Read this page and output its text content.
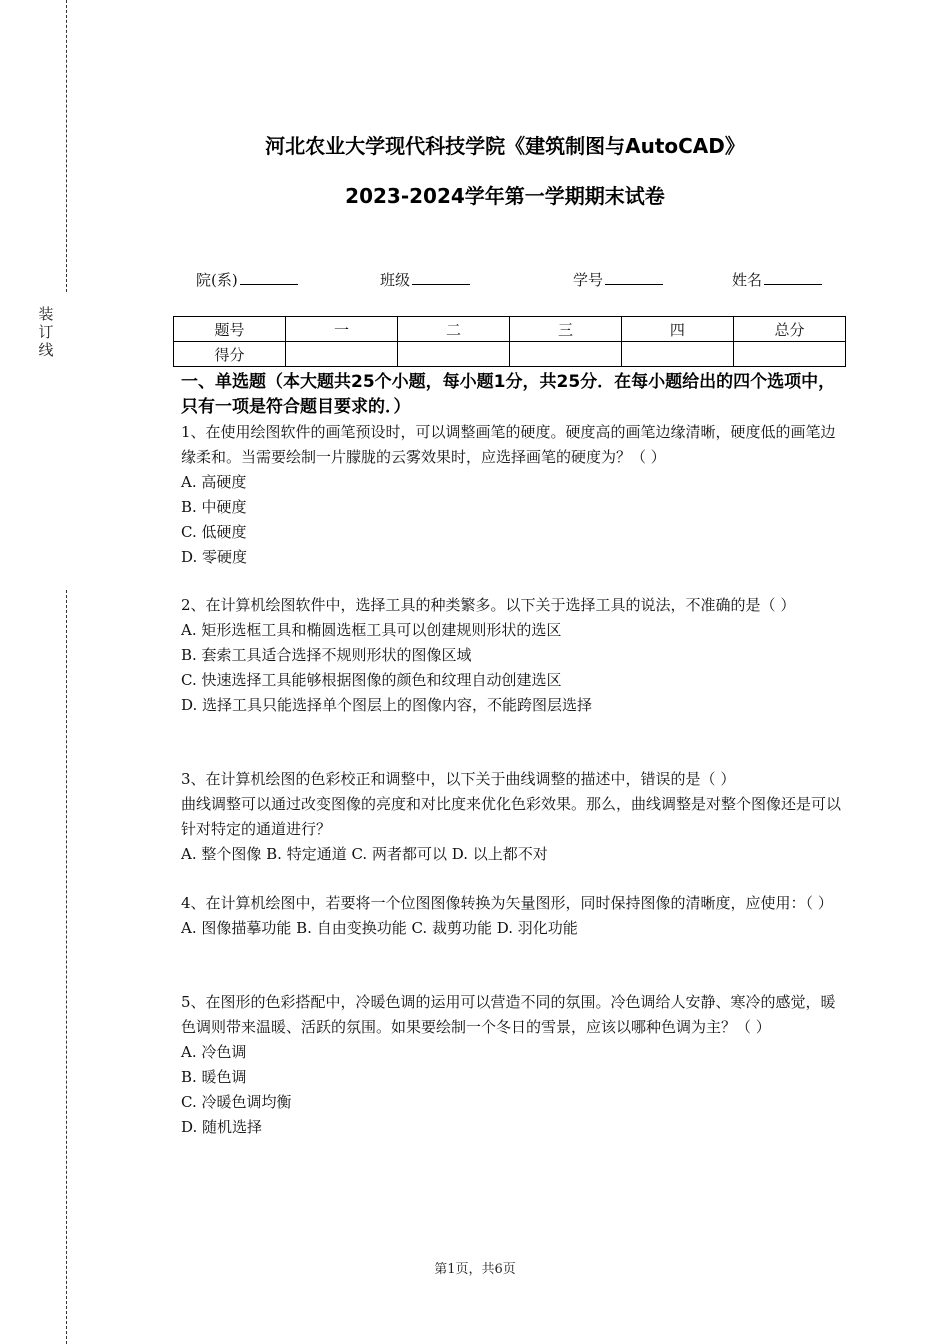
装订线
河北农业大学现代科技学院《建筑制图与AutoCAD》
2023-2024学年第一学期期末试卷
院(系)	班级	学号	姓名
题号	一	二	三	四	总分
得分					
一、单选题（本大题共25个小题，每小题1分，共25分．在每小题给出的四个选项中，只有一项是符合题目要求的．）

1、在使用绘图软件的画笔预设时，可以调整画笔的硬度。硬度高的画笔边缘清晰，硬度低的画笔边缘柔和。当需要绘制一片朦胧的云雾效果时，应选择画笔的硬度为？（ ）

A. 高硬度

B. 中硬度

C. 低硬度

D. 零硬度

2、在计算机绘图软件中，选择工具的种类繁多。以下关于选择工具的说法，不准确的是（ ）

A. 矩形选框工具和椭圆选框工具可以创建规则形状的选区

B. 套索工具适合选择不规则形状的图像区域

C. 快速选择工具能够根据图像的颜色和纹理自动创建选区

D. 选择工具只能选择单个图层上的图像内容，不能跨图层选择

3、在计算机绘图的色彩校正和调整中，以下关于曲线调整的描述中，错误的是（ ）

曲线调整可以通过改变图像的亮度和对比度来优化色彩效果。那么，曲线调整是对整个图像还是可以针对特定的通道进行？

A. 整个图像 B. 特定通道 C. 两者都可以 D. 以上都不对

4、在计算机绘图中，若要将一个位图图像转换为矢量图形，同时保持图像的清晰度，应使用：（ ）

A. 图像描摹功能 B. 自由变换功能 C. 裁剪功能 D. 羽化功能

5、在图形的色彩搭配中，冷暖色调的运用可以营造不同的氛围。冷色调给人安静、寒冷的感觉，暖色调则带来温暖、活跃的氛围。如果要绘制一个冬日的雪景，应该以哪种色调为主？（ ）

A. 冷色调

B. 暖色调

C. 冷暖色调均衡

D. 随机选择

第1页，共6页
